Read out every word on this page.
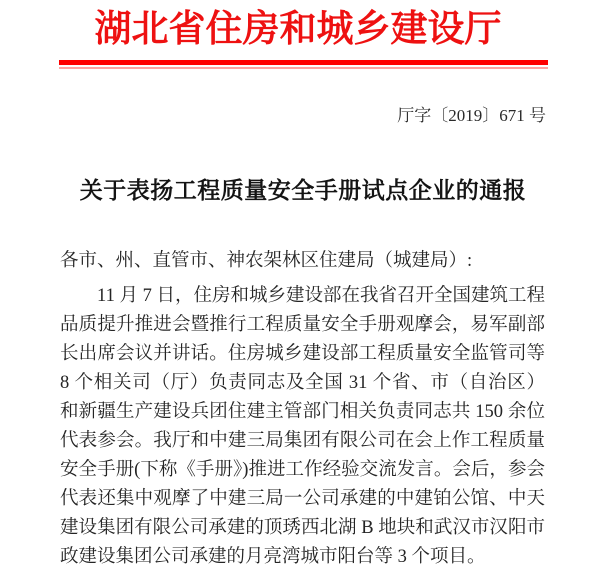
湖北省住房和城乡建设厅
厅字〔2019〕671 号
关于表扬工程质量安全手册试点企业的通报

各市、州、直管市、神农架林区住建局（城建局）:

11 月 7 日，住房和城乡建设部在我省召开全国建筑工程品质提升推进会暨推行工程质量安全手册观摩会，易军副部长出席会议并讲话。住房城乡建设部工程质量安全监管司等 8 个相关司（厅）负责同志及全国 31 个省、市（自治区）和新疆生产建设兵团住建主管部门相关负责同志共 150 余位代表参会。我厅和中建三局集团有限公司在会上作工程质量安全手册(下称《手册》)推进工作经验交流发言。会后，参会代表还集中观摩了中建三局一公司承建的中建铂公馆、中天建设集团有限公司承建的顶琇西北湖 B 地块和武汉市汉阳市政建设集团公司承建的月亮湾城市阳台等 3 个项目。
